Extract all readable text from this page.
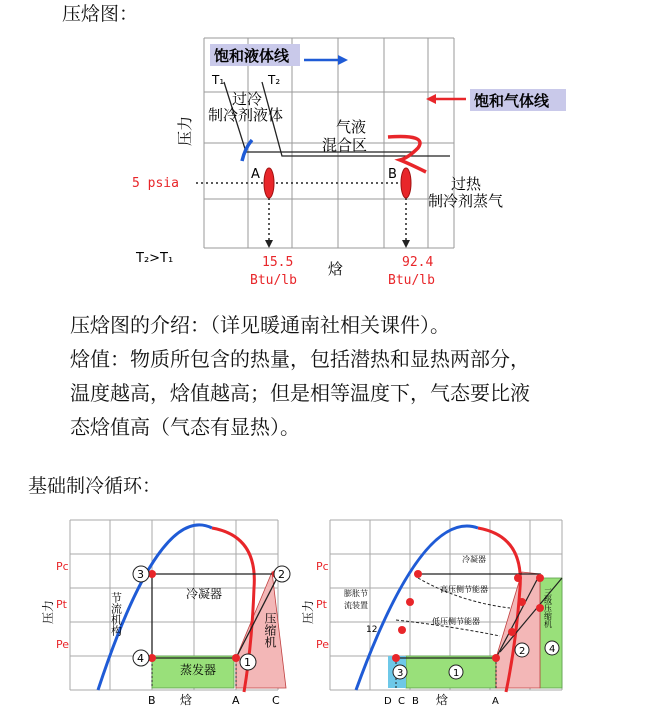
压焓图：
饱和液体线
饱和气体线
T₁	T₂
压力
过冷
制冷剂液体
气液
混合区
过热
制冷剂蒸气
A	B
5 psia
T₂>T₁
焓
15.5
Btu/lb
92.4
Btu/lb
压焓图的介绍：（详见暖通南社相关课件）。
焓值：物质所包含的热量，包括潜热和显热两部分，
温度越高，焓值越高；但是相等温度下，气态要比液
态焓值高（气态有显热）。
基础制冷循环：
3
4	1
2
Pc
Pt
Pe
压力	节流机构	冷凝器
压缩机
蒸发器
B 焓	A	C
3	1
2 4
12
Pc
Pt
Pe
压力
冷凝器
高压侧节能器
低压侧节能器
膨胀节
流装置	三级压缩机
D C B 焓	A
